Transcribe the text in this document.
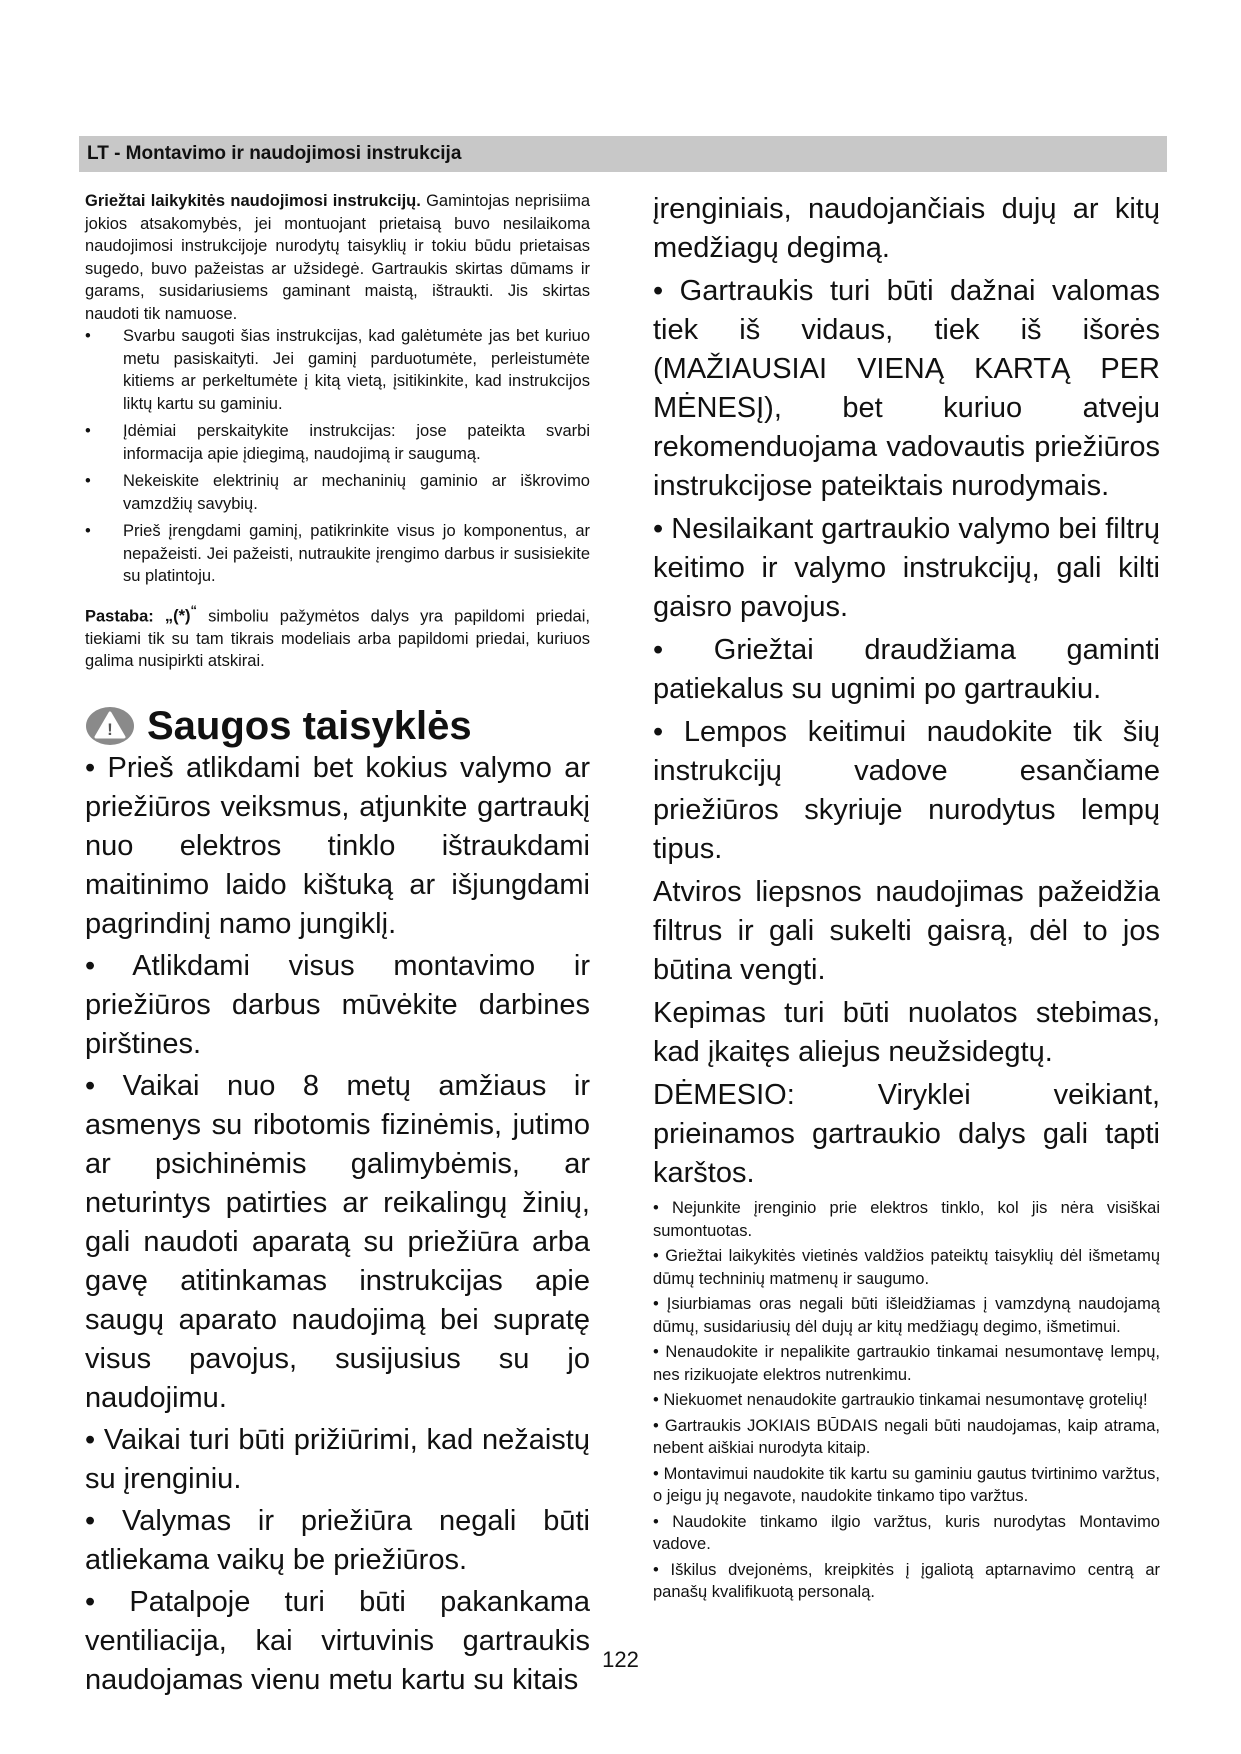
LT - Montavimo ir naudojimosi instrukcija

Griežtai laikykitės naudojimosi instrukcijų. Gamintojas neprisiima jokios atsakomybės, jei montuojant prietaisą buvo nesilaikoma naudojimosi instrukcijoje nurodytų taisyklių ir tokiu būdu prietaisas sugedo, buvo pažeistas ar užsidegė. Gartraukis skirtas dūmams ir garams, susidariusiems gaminant maistą, ištraukti. Jis skirtas naudoti tik namuose.

• Svarbu saugoti šias instrukcijas, kad galėtumėte jas bet kuriuo metu pasiskaityti. Jei gaminį parduotumėte, perleistumėte kitiems ar perkeltumėte į kitą vietą, įsitikinkite, kad instrukcijos liktų kartu su gaminiu.
• Įdėmiai perskaitykite instrukcijas: jose pateikta svarbi informacija apie įdiegimą, naudojimą ir saugumą.
• Nekeiskite elektrinių ar mechaninių gaminio ar iškrovimo vamzdžių savybių.
• Prieš įrengdami gaminį, patikrinkite visus jo komponentus, ar nepažeisti. Jei pažeisti, nutraukite įrengimo darbus ir susisiekite su platintoju.

Pastaba: „(*)“ simboliu pažymėtos dalys yra papildomi priedai, tiekiami tik su tam tikrais modeliais arba papildomi priedai, kuriuos galima nusipirkti atskirai.

! Saugos taisyklės

• Prieš atlikdami bet kokius valymo ar priežiūros veiksmus, atjunkite gartraukį nuo elektros tinklo ištraukdami maitinimo laido kištuką ar išjungdami pagrindinį namo jungiklį.

• Atlikdami visus montavimo ir priežiūros darbus mūvėkite darbines pirštines.

• Vaikai nuo 8 metų amžiaus ir asmenys su ribotomis fizinėmis, jutimo ar psichinėmis galimybėmis, ar neturintys patirties ar reikalingų žinių, gali naudoti aparatą su priežiūra arba gavę atitinkamas instrukcijas apie saugų aparato naudojimą bei supratę visus pavojus, susijusius su jo naudojimu.

• Vaikai turi būti prižiūrimi, kad nežaistų su įrenginiu.

• Valymas ir priežiūra negali būti atliekama vaikų be priežiūros.

• Patalpoje turi būti pakankama ventiliacija, kai virtuvinis gartraukis naudojamas vienu metu kartu su kitais

įrenginiais, naudojančiais dujų ar kitų medžiagų degimą.

• Gartraukis turi būti dažnai valomas tiek iš vidaus, tiek iš išorės (MAŽIAUSIAI VIENĄ KARTĄ PER MĖNESĮ), bet kuriuo atveju rekomenduojama vadovautis priežiūros instrukcijose pateiktais nurodymais.

• Nesilaikant gartraukio valymo bei filtrų keitimo ir valymo instrukcijų, gali kilti gaisro pavojus.

• Griežtai draudžiama gaminti patiekalus su ugnimi po gartraukiu.

• Lempos keitimui naudokite tik šių instrukcijų vadove esančiame priežiūros skyriuje nurodytus lempų tipus.

Atviros liepsnos naudojimas pažeidžia filtrus ir gali sukelti gaisrą, dėl to jos būtina vengti.

Kepimas turi būti nuolatos stebimas, kad įkaitęs aliejus neužsidegtų.

DĖMESIO: Viryklei veikiant, prieinamos gartraukio dalys gali tapti karštos.

• Nejunkite įrenginio prie elektros tinklo, kol jis nėra visiškai sumontuotas.

• Griežtai laikykitės vietinės valdžios pateiktų taisyklių dėl išmetamų dūmų techninių matmenų ir saugumo.

• Įsiurbiamas oras negali būti išleidžiamas į vamzdyną naudojamą dūmų, susidariusių dėl dujų ar kitų medžiagų degimo, išmetimui.

• Nenaudokite ir nepalikite gartraukio tinkamai nesumontavę lempų, nes rizikuojate elektros nutrenkimu.

• Niekuomet nenaudokite gartraukio tinkamai nesumontavę grotelių!

• Gartraukis JOKIAIS BŪDAIS negali būti naudojamas, kaip atrama, nebent aiškiai nurodyta kitaip.

• Montavimui naudokite tik kartu su gaminiu gautus tvirtinimo varžtus, o jeigu jų negavote, naudokite tinkamo tipo varžtus.

• Naudokite tinkamo ilgio varžtus, kuris nurodytas Montavimo vadove.

• Iškilus dvejonėms, kreipkitės į įgaliotą aptarnavimo centrą ar panašų kvalifikuotą personalą.

122
